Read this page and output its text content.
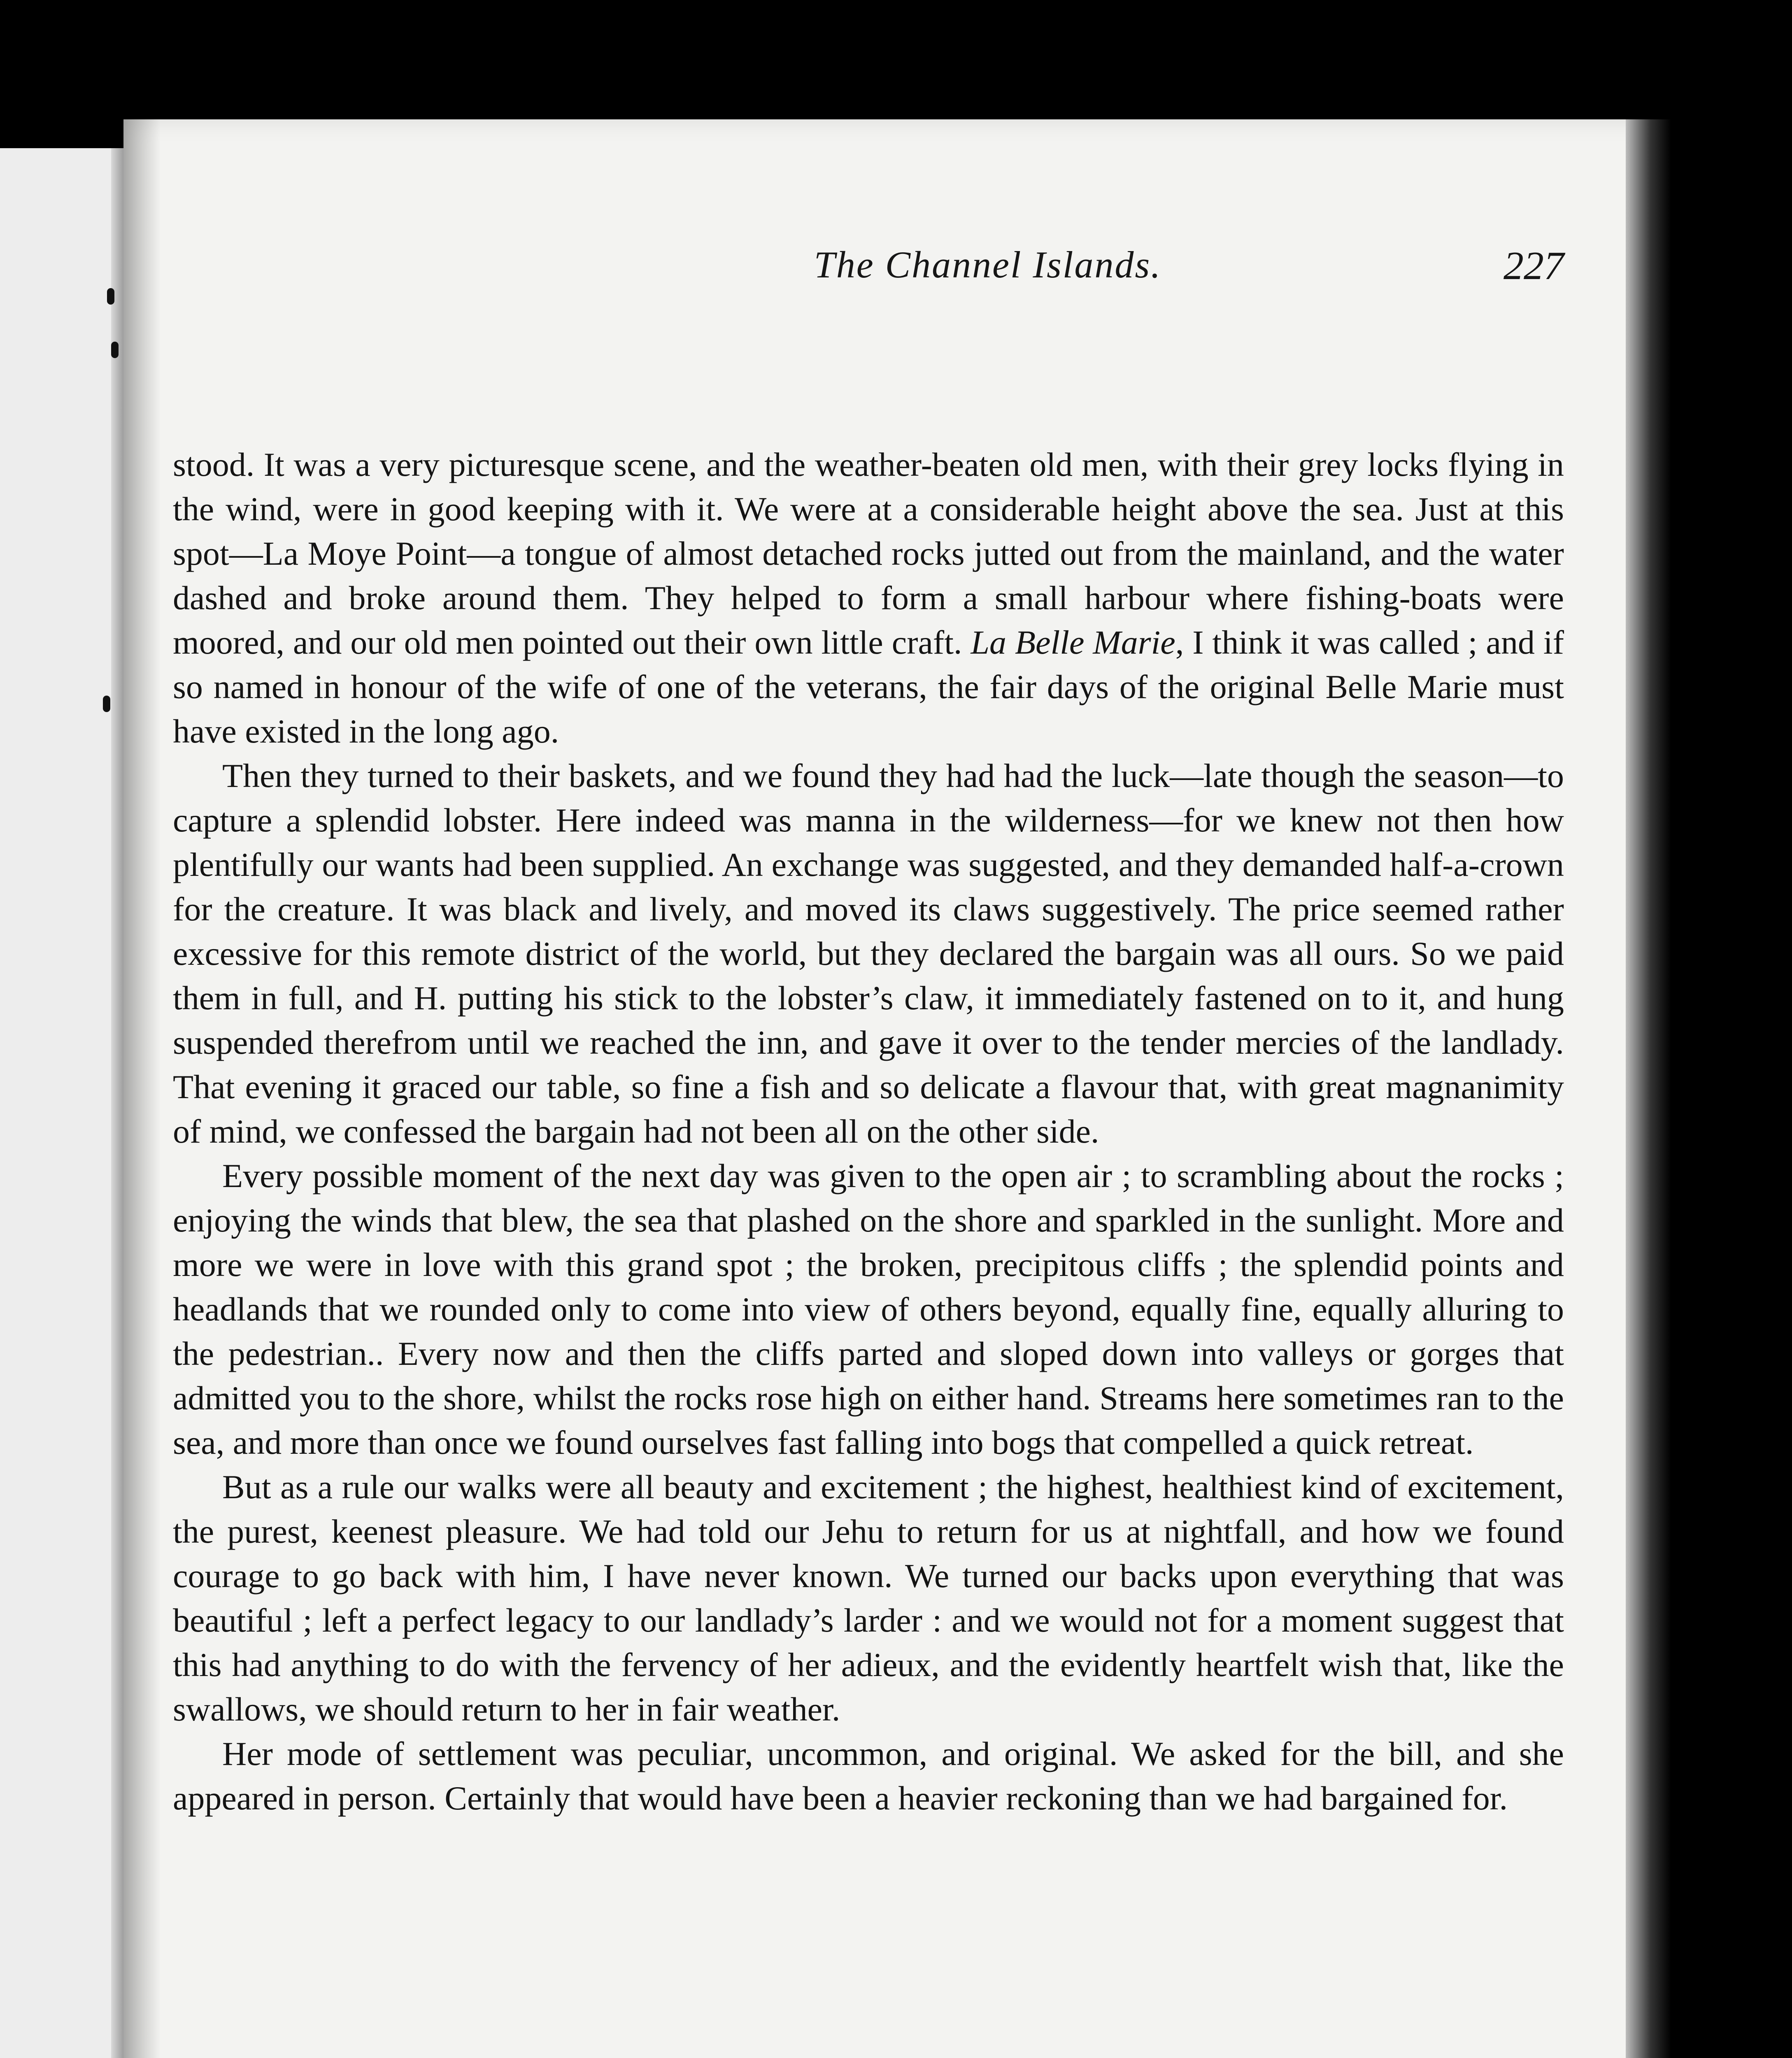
The Channel Islands.	227

stood. It was a very picturesque scene, and the weather-beaten old men, with their grey locks flying in the wind, were in good keeping with it. We were at a considerable height above the sea. Just at this spot—La Moye Point—a tongue of almost detached rocks jutted out from the mainland, and the water dashed and broke around them. They helped to form a small harbour where fishing-boats were moored, and our old men pointed out their own little craft. La Belle Marie, I think it was called ; and if so named in honour of the wife of one of the veterans, the fair days of the original Belle Marie must have existed in the long ago.

Then they turned to their baskets, and we found they had had the luck—late though the season—to capture a splendid lobster. Here indeed was manna in the wilderness—for we knew not then how plentifully our wants had been supplied. An exchange was suggested, and they demanded half-a-crown for the creature. It was black and lively, and moved its claws suggestively. The price seemed rather excessive for this remote district of the world, but they declared the bargain was all ours. So we paid them in full, and H. putting his stick to the lobster’s claw, it immediately fastened on to it, and hung suspended therefrom until we reached the inn, and gave it over to the tender mercies of the landlady. That evening it graced our table, so fine a fish and so delicate a flavour that, with great magnanimity of mind, we confessed the bargain had not been all on the other side.

Every possible moment of the next day was given to the open air ; to scrambling about the rocks ; enjoying the winds that blew, the sea that plashed on the shore and sparkled in the sunlight. More and more we were in love with this grand spot ; the broken, precipitous cliffs ; the splendid points and headlands that we rounded only to come into view of others beyond, equally fine, equally alluring to the pedestrian.. Every now and then the cliffs parted and sloped down into valleys or gorges that admitted you to the shore, whilst the rocks rose high on either hand. Streams here sometimes ran to the sea, and more than once we found ourselves fast falling into bogs that compelled a quick retreat.

But as a rule our walks were all beauty and excitement ; the highest, healthiest kind of excitement, the purest, keenest pleasure. We had told our Jehu to return for us at nightfall, and how we found courage to go back with him, I have never known. We turned our backs upon everything that was beautiful ; left a perfect legacy to our landlady’s larder : and we would not for a moment suggest that this had anything to do with the fervency of her adieux, and the evidently heartfelt wish that, like the swallows, we should return to her in fair weather.

Her mode of settlement was peculiar, uncommon, and original. We asked for the bill, and she appeared in person. Certainly that would have been a heavier reckoning than we had bargained for.
